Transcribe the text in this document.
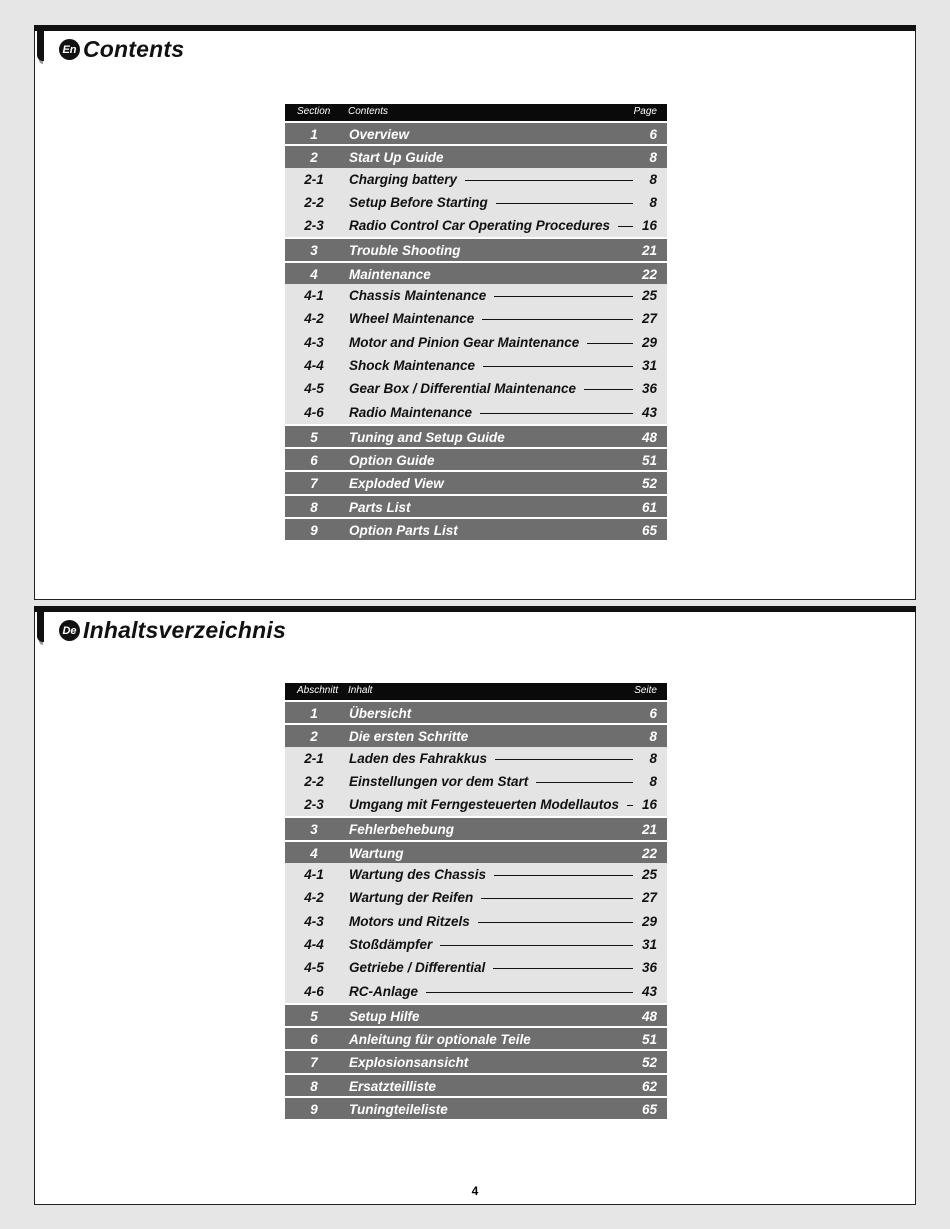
En Contents
Section Contents	Page
1	Overview	6
2	Start Up Guide	8
2-1	Charging battery	8
2-2	Setup Before Starting	8
2-3	Radio Control Car Operating Procedures 16
3	Trouble Shooting	21
4	Maintenance	22
4-1	Chassis Maintenance	25
4-2	Wheel Maintenance	27
4-3	Motor and Pinion Gear Maintenance	29
4-4	Shock Maintenance	31
4-5	Gear Box / Differential Maintenance	36
4-6	Radio Maintenance	43
5	Tuning and Setup Guide	48
6	Option Guide	51
7	Exploded View	52
8	Parts List	61
9	Option Parts List	65
De Inhaltsverzeichnis
Abschnitt Inhalt	Seite
1	Übersicht	6
2	Die ersten Schritte	8
2-1	Laden des Fahrakkus	8
2-2	Einstellungen vor dem Start	8
2-3	Umgang mit Ferngesteuerten Modellautos 16
3	Fehlerbehebung	21
4	Wartung	22
4-1	Wartung des Chassis	25
4-2	Wartung der Reifen	27
4-3	Motors und Ritzels	29
4-4	Stoßdämpfer	31
4-5	Getriebe / Differential	36
4-6	RC-Anlage	43
5	Setup Hilfe	48
6	Anleitung für optionale Teile	51
7	Explosionsansicht	52
8	Ersatzteilliste	62
9	Tuningteileliste	65
4
